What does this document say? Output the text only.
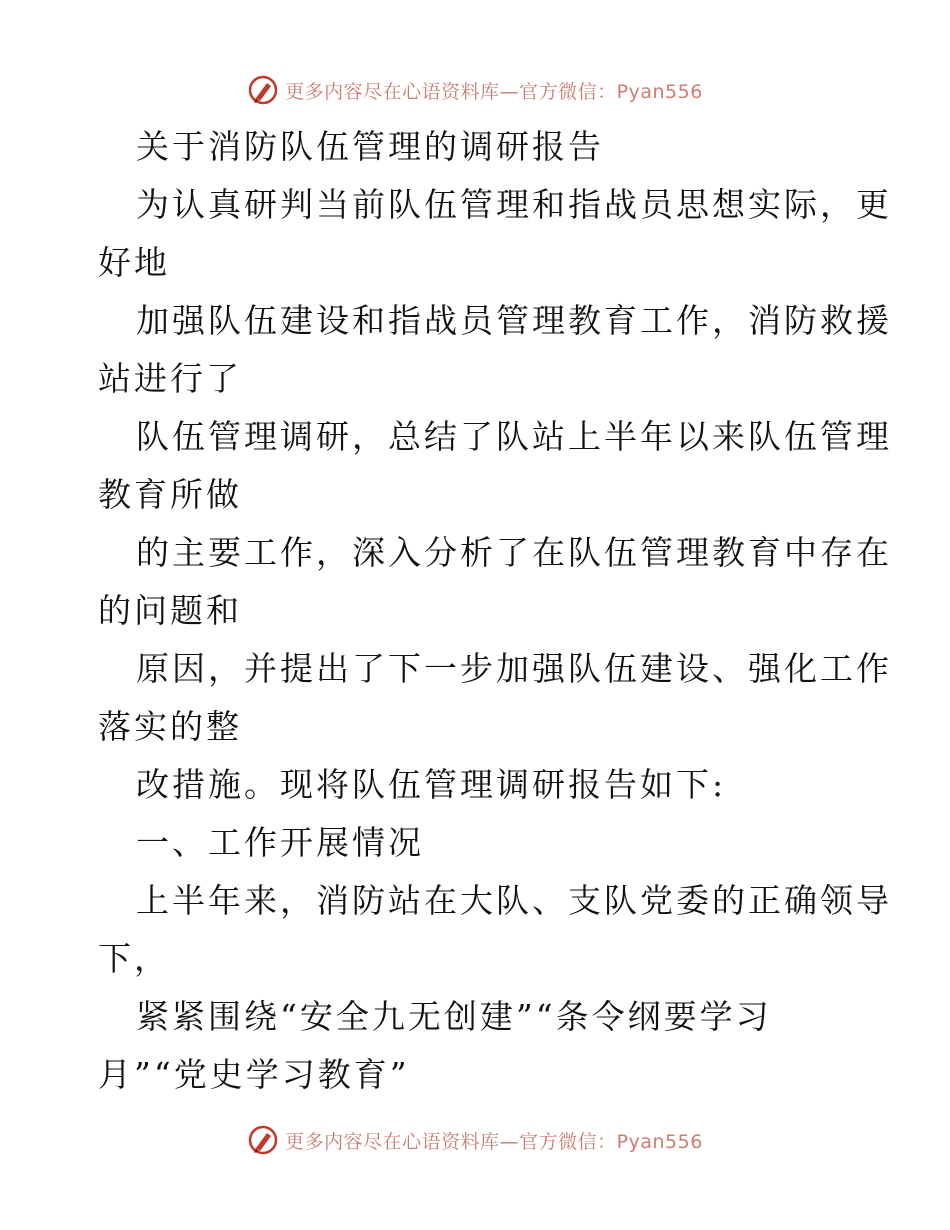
更多内容尽在心语资料库—官方微信：Pyan556
关于消防队伍管理的调研报告
为认真研判当前队伍管理和指战员思想实际，更
好地
加强队伍建设和指战员管理教育工作，消防救援
站进行了
队伍管理调研，总结了队站上半年以来队伍管理
教育所做
的主要工作，深入分析了在队伍管理教育中存在
的问题和
原因，并提出了下一步加强队伍建设、强化工作
落实的整
改措施。现将队伍管理调研报告如下:
一、工作开展情况
上半年来，消防站在大队、支队党委的正确领导
下，
紧紧围绕“安全九无创建”“条令纲要学习
月”“党史学习教育”
更多内容尽在心语资料库—官方微信：Pyan556
